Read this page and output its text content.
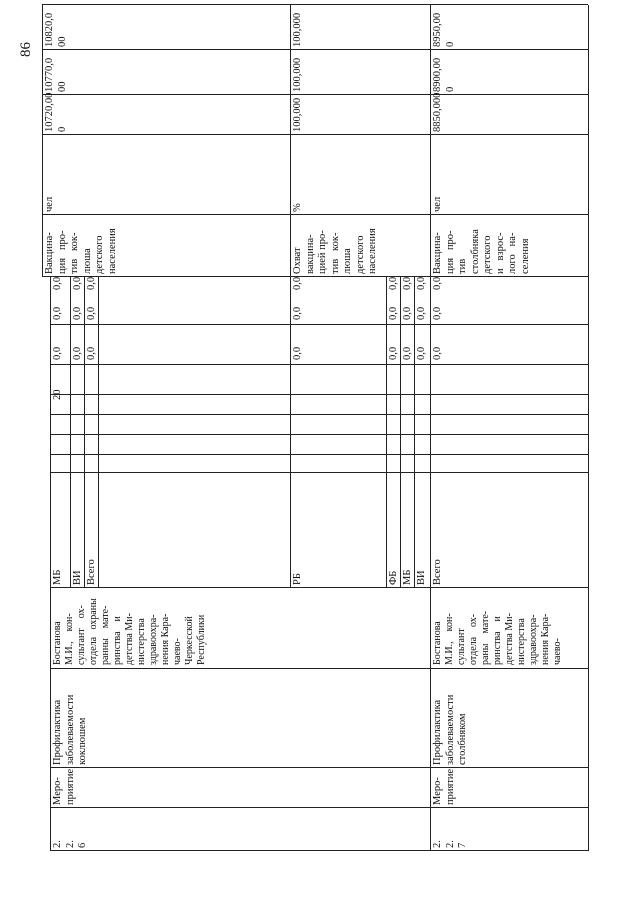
86
2. 2. 6
Меро- приятие
Профилактика заболеваемости коклюшем
Бостанова М.И.,    кон- сультант    ох- отдела   охраны ранны    мате- ринства    и детства Ми- нистерства здравоохра- нения Кара- чаево- Черкесской Республики
2. 2. 7
Меро- приятие
Профилактика заболеваемости столбняком
Бостанова М.И.,    кон- сультант отдела    ох- раны    мате- ринства    и детства Ми- нистерства здравоохра- нения Кара- чаево-
МБ
0,0
0,0
0,0
ВИ
0,0
0,0
0,0
Всего
0,0
0,0
0,0
РБ
0,0
0,0
0,0
ФБ
0,0
0,0
0,0
МБ
0,0
0,0
0,0
ВИ
0,0
0,0
0,0
20
Всего
0,0
0,0
0,0
Вакцина- ция   про- тив   кок- люша детского населения
чел
10720,00 0
10770,0 00
10820,0 00
Охват вакцина- цией про- тив   кок- люша детского населения
%
100,000
100,000
100,000
Вакцина- ция   про- тив столбняка детского и   взрос- лого   на- селения
чел
8850,000
8900,00 0
8950,00 0
